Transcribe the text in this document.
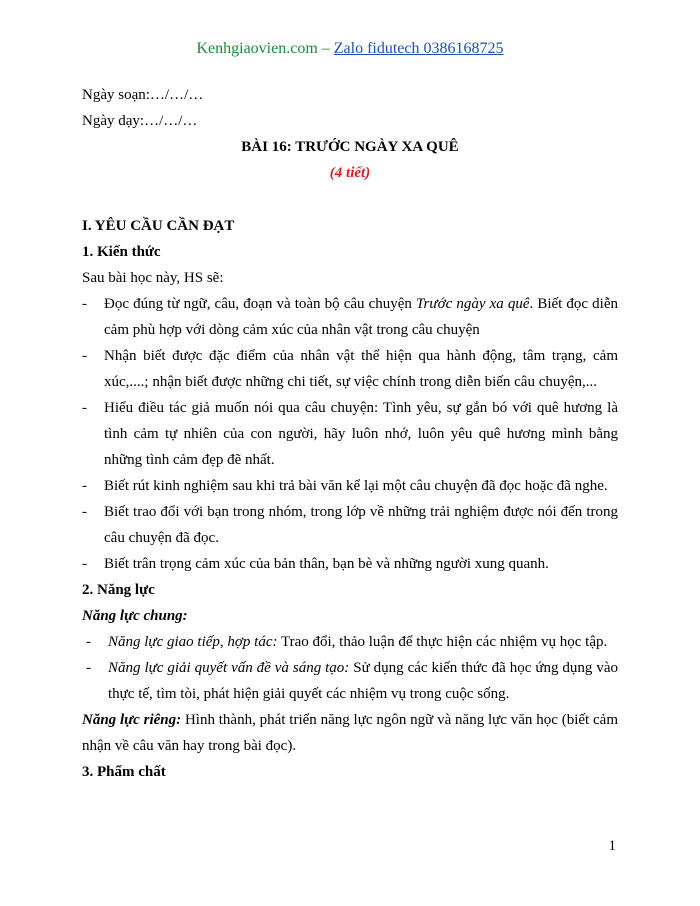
Kenhgiaovien.com – Zalo fidutech 0386168725
Ngày soạn:…/…/…
Ngày dạy:…/…/…
BÀI 16: TRƯỚC NGÀY XA QUÊ
(4 tiết)
I. YÊU CẦU CẦN ĐẠT
1. Kiến thức
Sau bài học này, HS sẽ:
- Đọc đúng từ ngữ, câu, đoạn và toàn bộ câu chuyện Trước ngày xa quê. Biết đọc diễn cảm phù hợp với dòng cảm xúc của nhân vật trong câu chuyện
- Nhận biết được đặc điểm của nhân vật thể hiện qua hành động, tâm trạng, cảm xúc,....; nhận biết được những chi tiết, sự việc chính trong diễn biến câu chuyện,...
- Hiểu điều tác giả muốn nói qua câu chuyện: Tình yêu, sự gắn bó với quê hương là tình cảm tự nhiên của con người, hãy luôn nhớ, luôn yêu quê hương mình bằng những tình cảm đẹp đẽ nhất.
- Biết rút kinh nghiệm sau khi trả bài văn kể lại một câu chuyện đã đọc hoặc đã nghe.
- Biết trao đổi với bạn trong nhóm, trong lớp về những trải nghiệm được nói đến trong câu chuyện đã đọc.
- Biết trân trọng cảm xúc của bản thân, bạn bè và những người xung quanh.
2. Năng lực
Năng lực chung:
- Năng lực giao tiếp, hợp tác: Trao đổi, thảo luận để thực hiện các nhiệm vụ học tập.
- Năng lực giải quyết vấn đề và sáng tạo: Sử dụng các kiến thức đã học ứng dụng vào thực tế, tìm tòi, phát hiện giải quyết các nhiệm vụ trong cuộc sống.
Năng lực riêng: Hình thành, phát triển năng lực ngôn ngữ và năng lực văn học (biết cảm nhận về câu văn hay trong bài đọc).
3. Phẩm chất
1
